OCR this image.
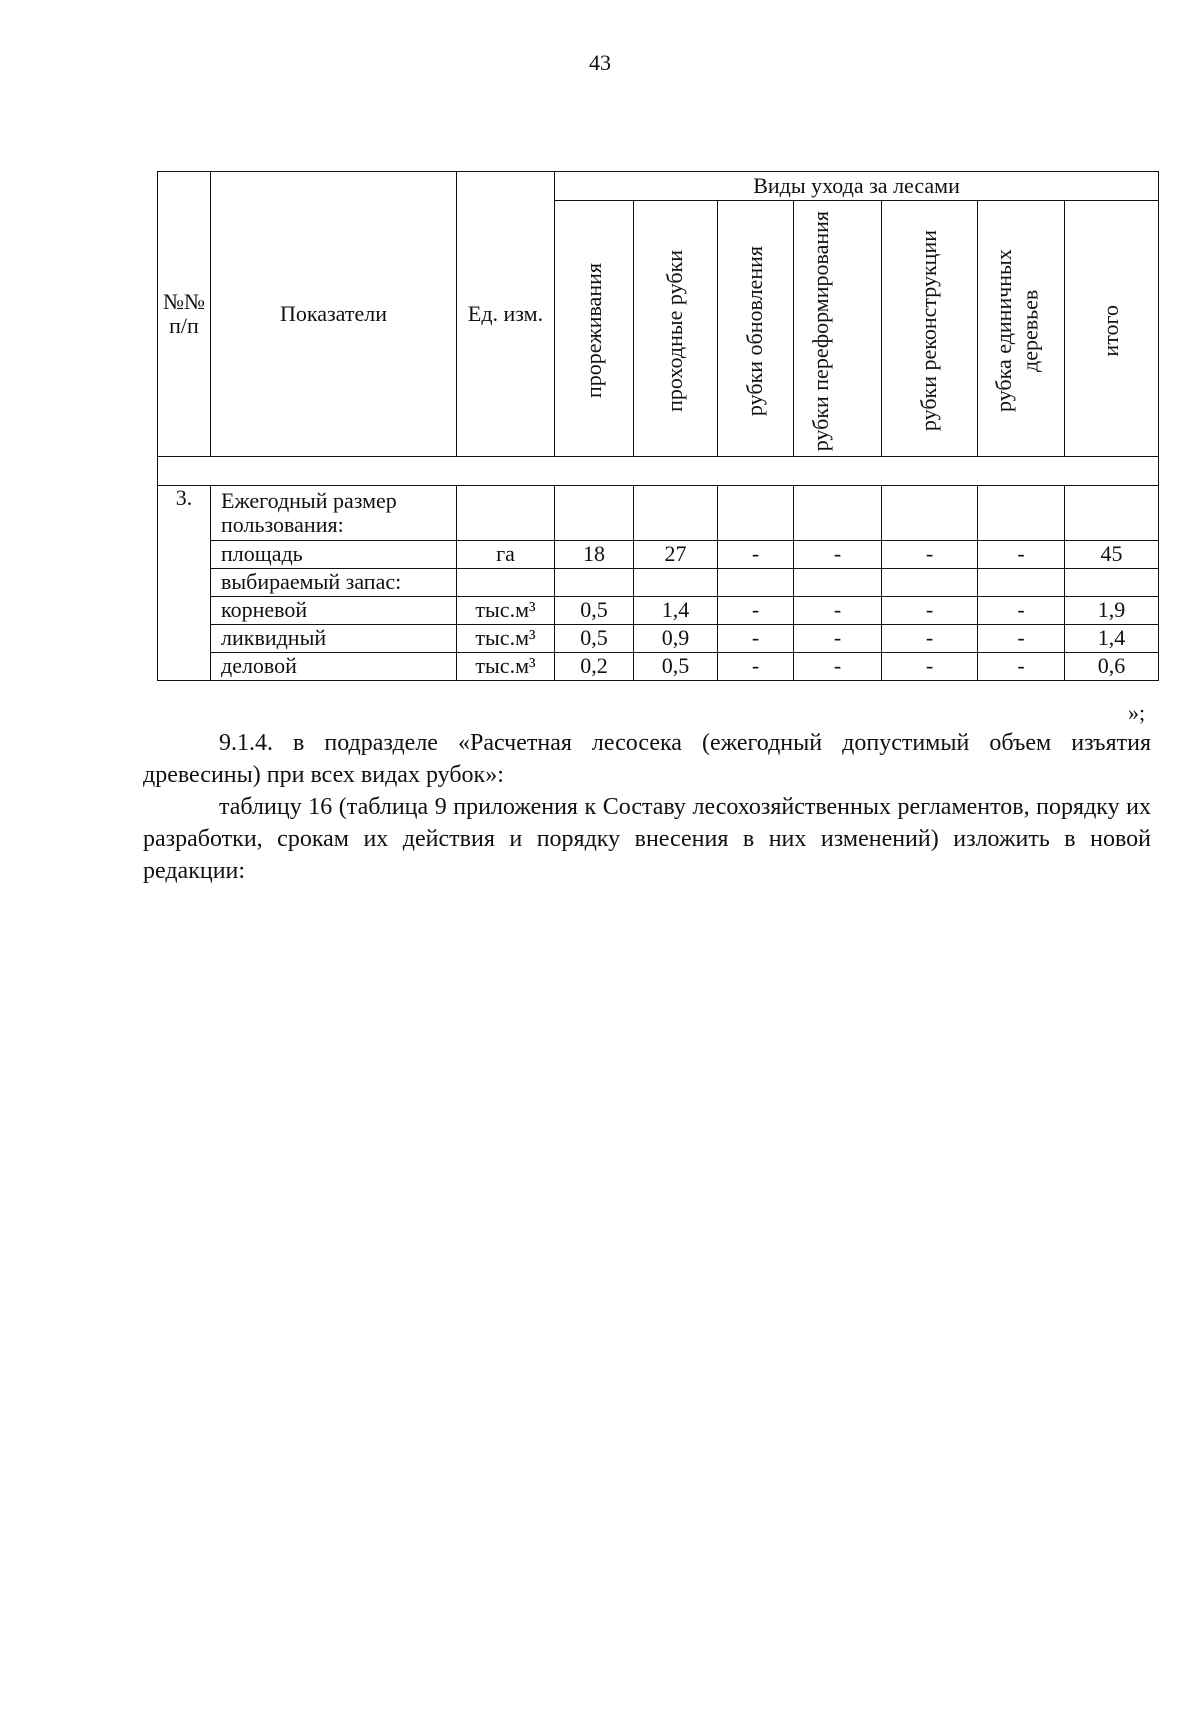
43
№№ п/п	Показатели	Ед. изм.	Виды ухода за лесами							

			прореживания	проходные рубки	рубки обновления	рубки переформирования	рубки реконструкции	рубка единичных деревьев	итого	

3.	Ежегодный размер пользования:									
	площадь	га	18	27	-	-	-	-	45	
	выбираемый запас:									
	корневой	тыс.м³	0,5	1,4	-	-	-	-	1,9	
	ликвидный	тыс.м³	0,5	0,9	-	-	-	-	1,4	
	деловой	тыс.м³	0,2	0,5	-	-	-	-	0,6	
»;
9.1.4. в подразделе «Расчетная лесосека (ежегодный допустимый объем изъятия древесины) при всех видах рубок»:
таблицу 16 (таблица 9 приложения к Составу лесохозяйственных регламентов, порядку их разработки, срокам их действия и порядку внесения в них изменений) изложить в новой редакции:
